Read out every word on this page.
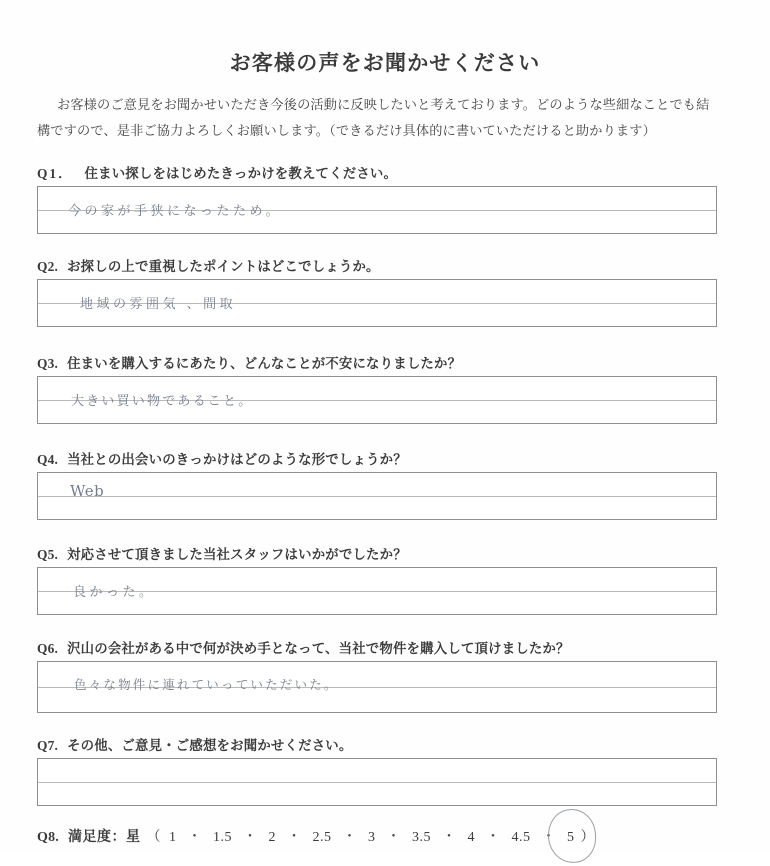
お客様の声をお聞かせください
お客様のご意見をお聞かせいただき今後の活動に反映したいと考えております。どのような些細なことでも結
構ですので、是非ご協力よろしくお願いします。（できるだけ具体的に書いていただけると助かります）
Q1． 住まい探しをはじめたきっかけを教えてください。
今の家が手狭になったため。
Q2. お探しの上で重視したポイントはどこでしょうか。
地域の雰囲気 、間取
Q3. 住まいを購入するにあたり、どんなことが不安になりましたか？
大きい買い物であること。
Q4. 当社との出会いのきっかけはどのような形でしょうか？
Web
Q5. 対応させて頂きました当社スタッフはいかがでしたか？
良かった。
Q6. 沢山の会社がある中で何が決め手となって、当社で物件を購入して頂けましたか？
色々な物件に連れていっていただいた。
Q7. その他、ご意見・ご感想をお聞かせください。
Q8. 満足度：星 （ 1 ・ 1.5 ・ 2 ・ 2.5 ・ 3 ・ 3.5 ・ 4 ・ 4.5 ・ 5 ）
